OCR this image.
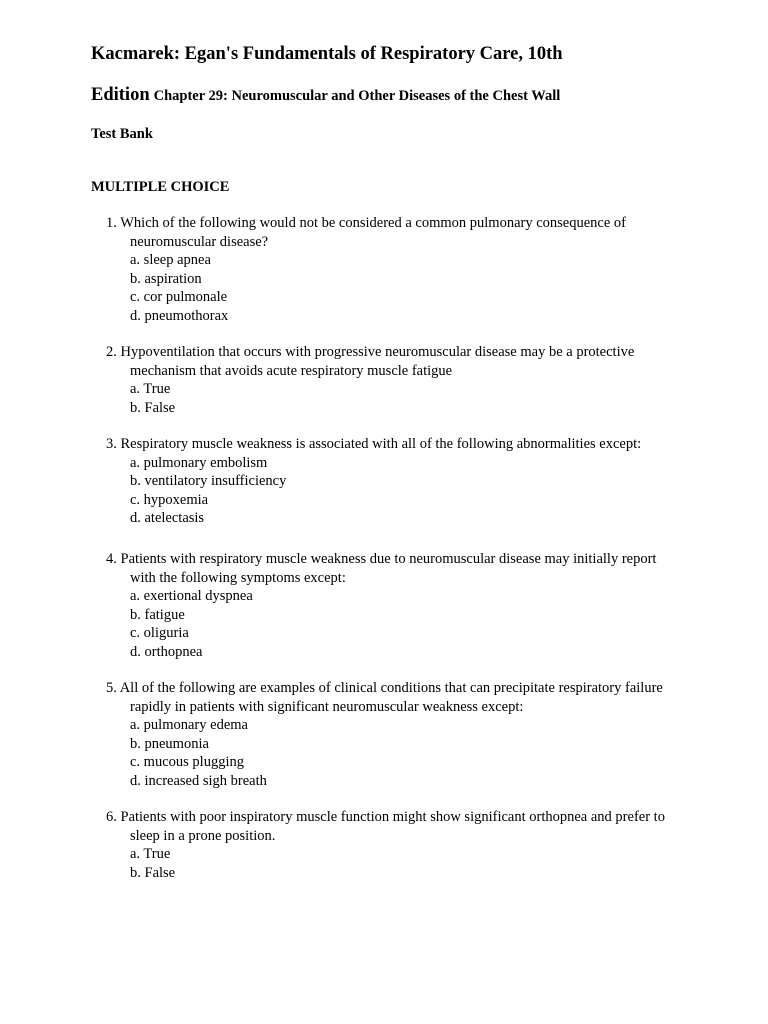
Kacmarek: Egan's Fundamentals of Respiratory Care, 10th
Edition Chapter 29: Neuromuscular and Other Diseases of the Chest Wall
Test Bank
MULTIPLE CHOICE
1. Which of the following would not be considered a common pulmonary consequence of
neuromuscular disease?
a. sleep apnea
b. aspiration
c. cor pulmonale
d. pneumothorax
2. Hypoventilation that occurs with progressive neuromuscular disease may be a protective
mechanism that avoids acute respiratory muscle fatigue
a. True
b. False
3. Respiratory muscle weakness is associated with all of the following abnormalities except:
a. pulmonary embolism
b. ventilatory insufficiency
c. hypoxemia
d. atelectasis
4. Patients with respiratory muscle weakness due to neuromuscular disease may initially report
with the following symptoms except:
a. exertional dyspnea
b. fatigue
c. oliguria
d. orthopnea
5. All of the following are examples of clinical conditions that can precipitate respiratory failure
rapidly in patients with significant neuromuscular weakness except:
a. pulmonary edema
b. pneumonia
c. mucous plugging
d. increased sigh breath
6. Patients with poor inspiratory muscle function might show significant orthopnea and prefer to
sleep in a prone position.
a. True
b. False
